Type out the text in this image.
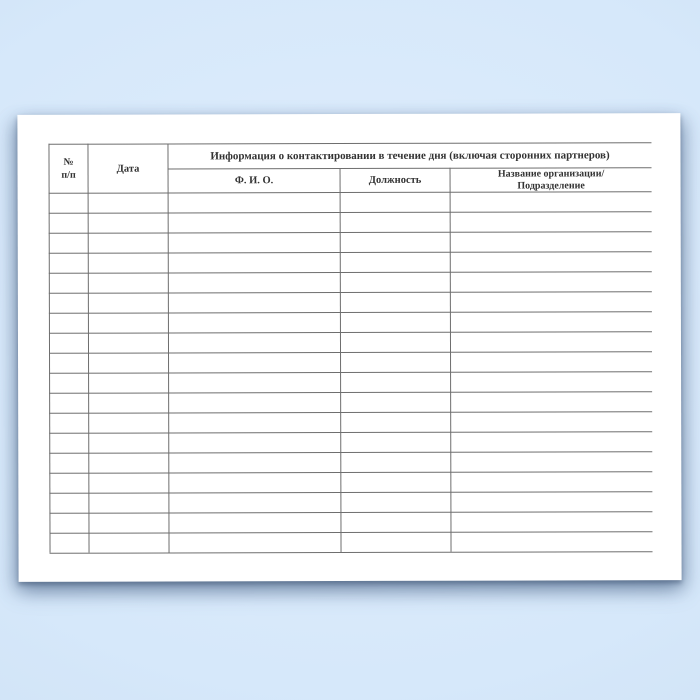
№
п/п
Дата
Информация о контактировании в течение дня (включая сторонних партнеров)
Ф. И. О.	Должность
Название организации/
Подразделение
